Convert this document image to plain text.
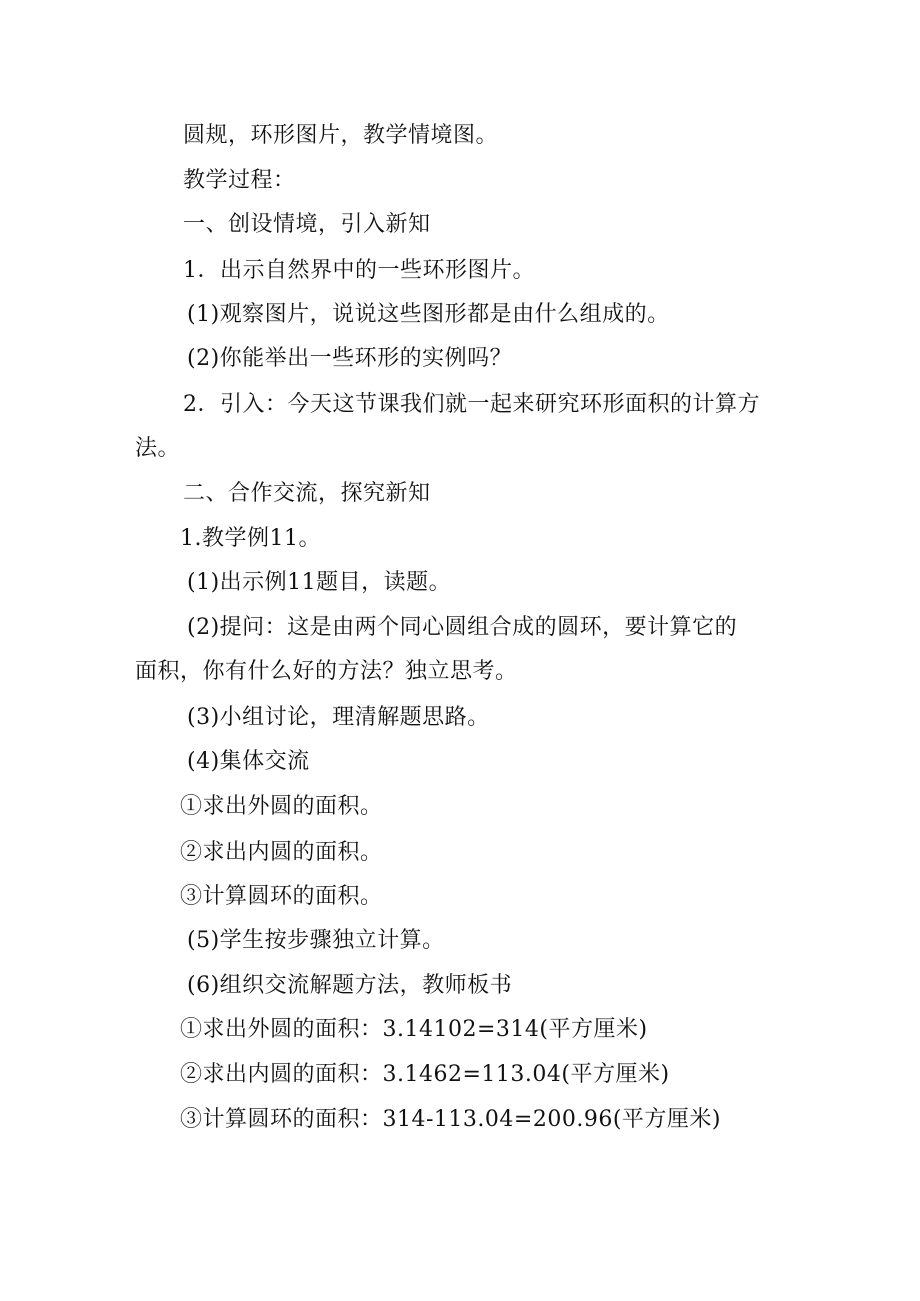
圆规，环形图片，教学情境图。
教学过程：
一、创设情境，引入新知
1．出示自然界中的一些环形图片。
(1)观察图片，说说这些图形都是由什么组成的。
(2)你能举出一些环形的实例吗？
2．引入：今天这节课我们就一起来研究环形面积的计算方
法。
二、合作交流，探究新知
1.教学例11。
(1)出示例11题目，读题。
(2)提问：这是由两个同心圆组合成的圆环，要计算它的
面积，你有什么好的方法？独立思考。
(3)小组讨论，理清解题思路。
(4)集体交流
①求出外圆的面积。
②求出内圆的面积。
③计算圆环的面积。
(5)学生按步骤独立计算。
(6)组织交流解题方法，教师板书
①求出外圆的面积：3.14102=314(平方厘米)
②求出内圆的面积：3.1462=113.04(平方厘米)
③计算圆环的面积：314-113.04=200.96(平方厘米)
